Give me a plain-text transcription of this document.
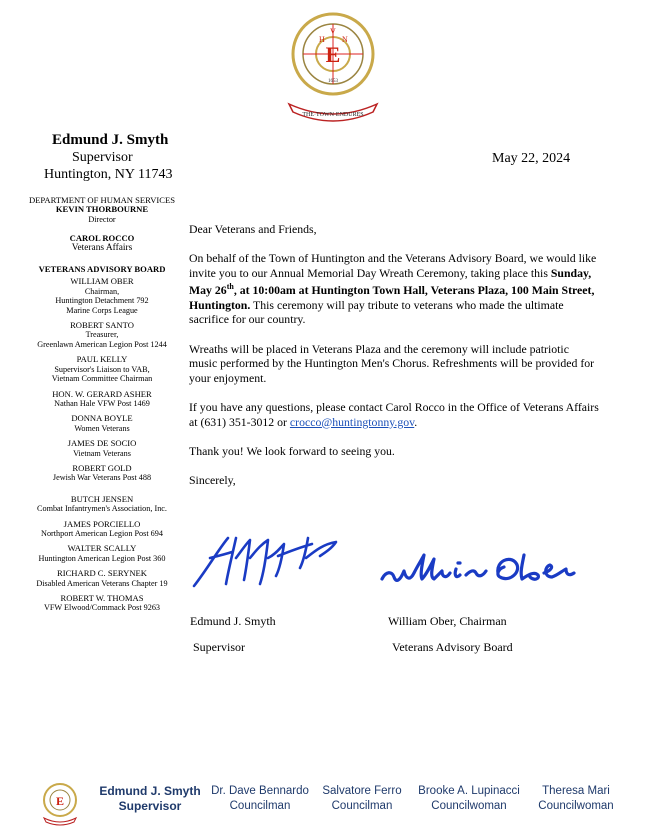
E
H
V
N
1653
THE·TOWN·ENDURES
Edmund J. Smyth
Supervisor
Huntington, NY 11743
May 22, 2024
DEPARTMENT OF HUMAN SERVICES
KEVIN THORBOURNE
Director
CAROL ROCCO
Veterans Affairs
VETERANS ADVISORY BOARD
WILLIAM OBER
Chairman,
Huntington Detachment 792
Marine Corps League
ROBERT SANTO
Treasurer,
Greenlawn American Legion Post 1244
PAUL KELLY
Supervisor's Liaison to VAB,
Vietnam Committee Chairman
HON. W. GERARD ASHER
Nathan Hale VFW Post 1469
DONNA BOYLE
Women Veterans
JAMES DE SOCIO
Vietnam Veterans
ROBERT GOLD
Jewish War Veterans Post 488
BUTCH JENSEN
Combat Infantrymen's Association, Inc.
JAMES PORCIELLO
Northport American Legion Post 694
WALTER SCALLY
Huntington American Legion Post 360
RICHARD C. SERYNEK
Disabled American Veterans Chapter 19
ROBERT W. THOMAS
VFW Elwood/Commack Post 9263

Dear Veterans and Friends,

On behalf of the Town of Huntington and the Veterans Advisory Board, we would like invite you to our Annual Memorial Day Wreath Ceremony, taking place this Sunday, May 26th, at 10:00am at Huntington Town Hall, Veterans Plaza, 100 Main Street, Huntington. This ceremony will pay tribute to veterans who made the ultimate sacrifice for our country.

Wreaths will be placed in Veterans Plaza and the ceremony will include patriotic music performed by the Huntington Men's Chorus. Refreshments will be provided for your enjoyment.

If you have any questions, please contact Carol Rocco in the Office of Veterans Affairs at (631) 351-3012 or crocco@huntingtonny.gov.

Thank you! We look forward to seeing you.

Sincerely,

Edmund J. Smyth
Supervisor
William Ober, Chairman
Veterans Advisory Board
E
Edmund J. Smyth
Supervisor
Dr. Dave Bennardo
Councilman
Salvatore Ferro
Councilman
Brooke A. Lupinacci
Councilwoman
Theresa Mari
Councilwoman
